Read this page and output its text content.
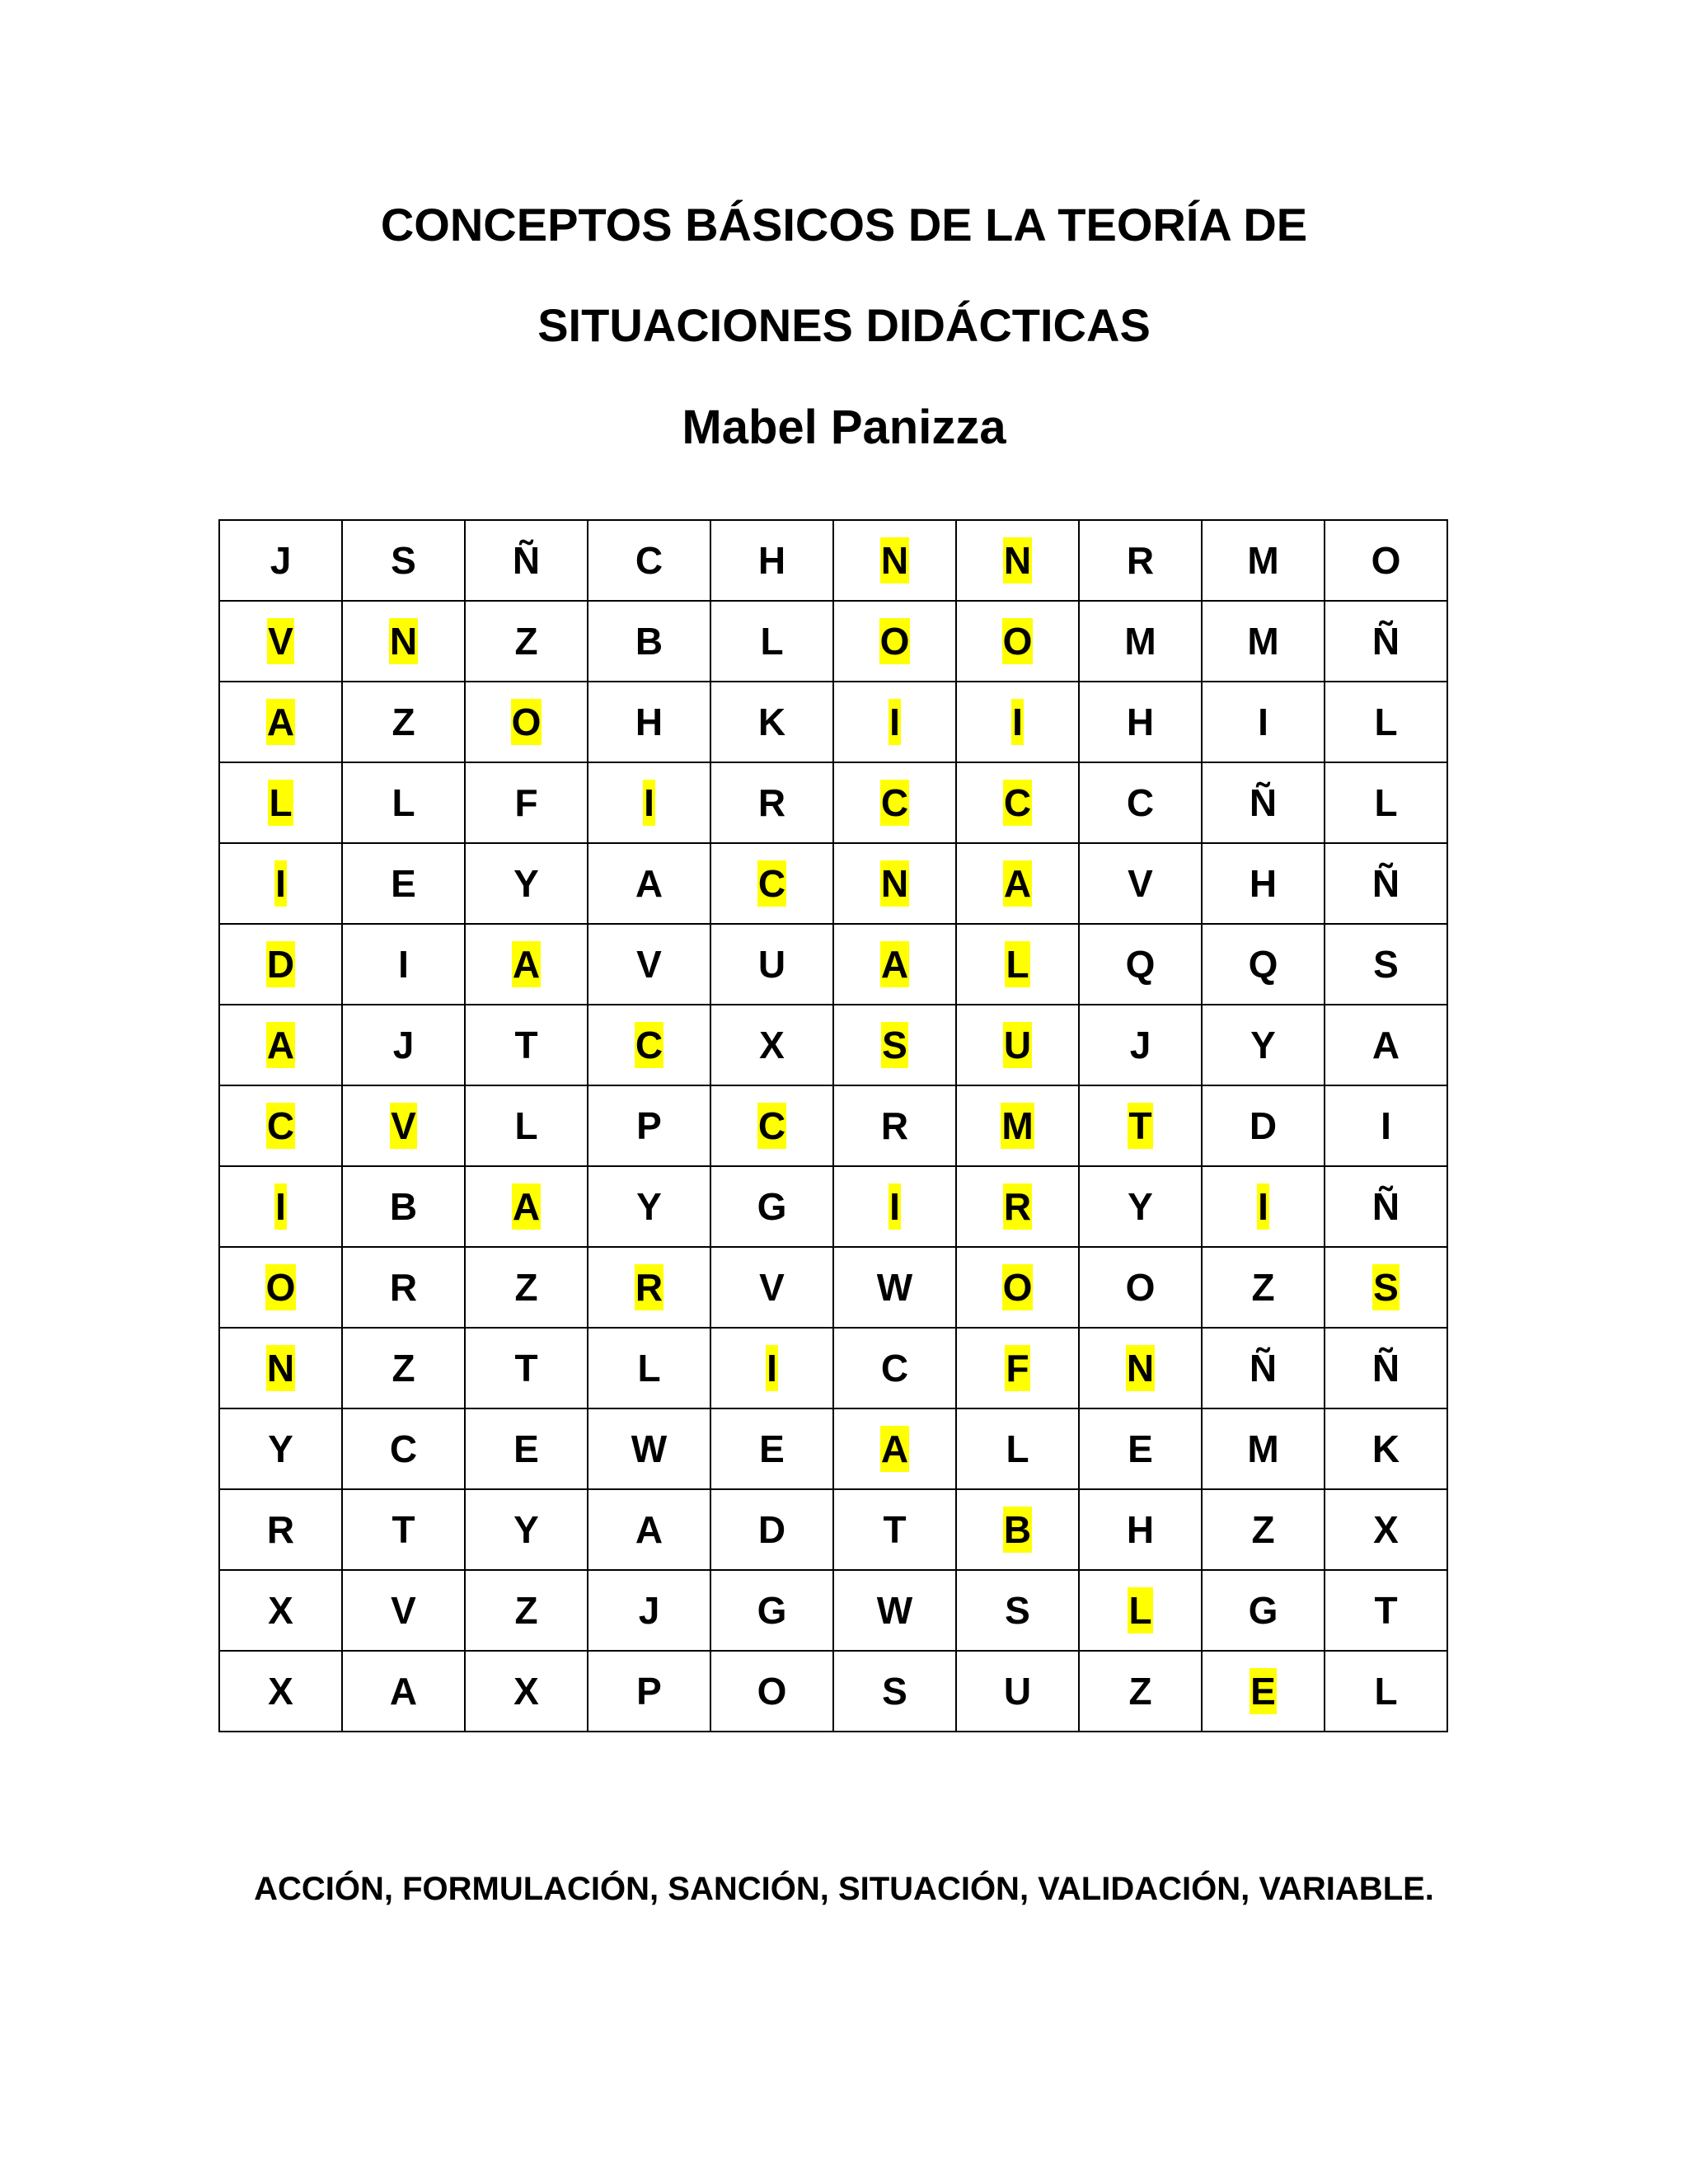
CONCEPTOS BÁSICOS DE LA TEORÍA DE
SITUACIONES DIDÁCTICAS
Mabel Panizza
J	S	Ñ	C	H	N	N	R	M	O
V	N	Z	B	L	O	O	M	M	Ñ
A	Z	O	H	K	I	I	H	I	L
L	L	F	I	R	C	C	C	Ñ	L
I	E	Y	A	C	N	A	V	H	Ñ
D	I	A	V	U	A	L	Q	Q	S
A	J	T	C	X	S	U	J	Y	A
C	V	L	P	C	R	M	T	D	I
I	B	A	Y	G	I	R	Y	I	Ñ
O	R	Z	R	V	W	O	O	Z	S
N	Z	T	L	I	C	F	N	Ñ	Ñ
Y	C	E	W	E	A	L	E	M	K
R	T	Y	A	D	T	B	H	Z	X
X	V	Z	J	G	W	S	L	G	T
X	A	X	P	O	S	U	Z	E	L
ACCIÓN, FORMULACIÓN, SANCIÓN, SITUACIÓN, VALIDACIÓN, VARIABLE.
